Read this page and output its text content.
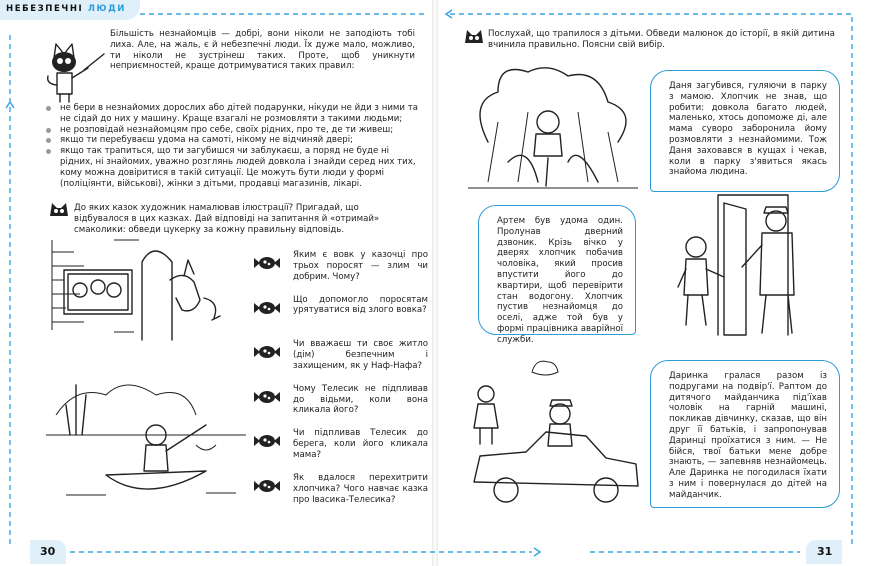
НЕБЕЗПЕЧНІ ЛЮДИ
Більшість незнайомців — добрі, вони ніколи не заподіють тобі лиха. Але, на жаль, є й небезпечні люди. Їх дуже мало, можливо, ти ніколи не зустрінеш таких. Проте, щоб уникнути неприємностей, краще дотримуватися таких правил:
не бери в незнайомих дорослих або дітей подарунки, нікуди не йди з ними та не сідай до них у машину. Краще взагалі не розмовляти з такими людьми;
не розповідай незнайомцям про себе, своїх рідних, про те, де ти живеш;
якщо ти перебуваєш удома на самоті, нікому не відчиняй двері;
якщо так трапиться, що ти загубишся чи заблукаєш, а поряд не буде ні рідних, ні знайомих, уважно розглянь людей довкола і знайди серед них тих, кому можна довіритися в такій ситуації. Це можуть бути люди у формі (поліціянти, військові), жінки з дітьми, продавці магазинів, лікарі.
До яких казок художник намалював ілюстрації? Пригадай, що відбувалося в цих казках. Дай відповіді на запитання й «отримай» смаколики: обведи цукерку за кожну правильну відповідь.
Яким є вовк у казочці про трьох поросят — злим чи добрим. Чому?
Що допомогло поросятам урятуватися від злого вовка?
Чи вважаєш ти своє житло (дім) безпечним і захищеним, як у Наф-Нафа?
Чому Телесик не підпливав до відьми, коли вона кликала його?
Чи підпливав Телесик до берега, коли його кликала мама?
Як вдалося перехитрити хлопчика? Чого навчає казка про Івасика-Телесика?
30
Послухай, що трапилося з дітьми. Обведи малюнок до історії, в якій дитина вчинила правильно. Поясни свій вибір.
Даня загубився, гуляючи в парку з мамою. Хлопчик не знав, що робити: довкола багато людей, маленько, хтось допоможе ді, але мама суворо заборонила йому розмовляти з незнайомими. Тож Даня заховався в кущах і чекав, коли в парку з'явиться якась знайома людина.
Артем був удома один. Пролунав дверний дзвоник. Крізь вічко у дверях хлопчик побачив чоловіка, який просив впустити його до квартири, щоб перевірити стан водогону. Хлопчик пустив незнайомця до оселі, адже той був у формі працівника аварійної служби.
Даринка гралася разом із подругами на подвір'ї. Раптом до дитячого майданчика під'їхав чоловік на гарній машині, покликав дівчинку, сказав, що він друг її батьків, і запропонував Даринці проїхатися з ним. — Не бійся, твої батьки мене добре знають, — запевняв незнайомець. Але Даринка не погодилася їхати з ним і повернулася до дітей на майданчик.
31
